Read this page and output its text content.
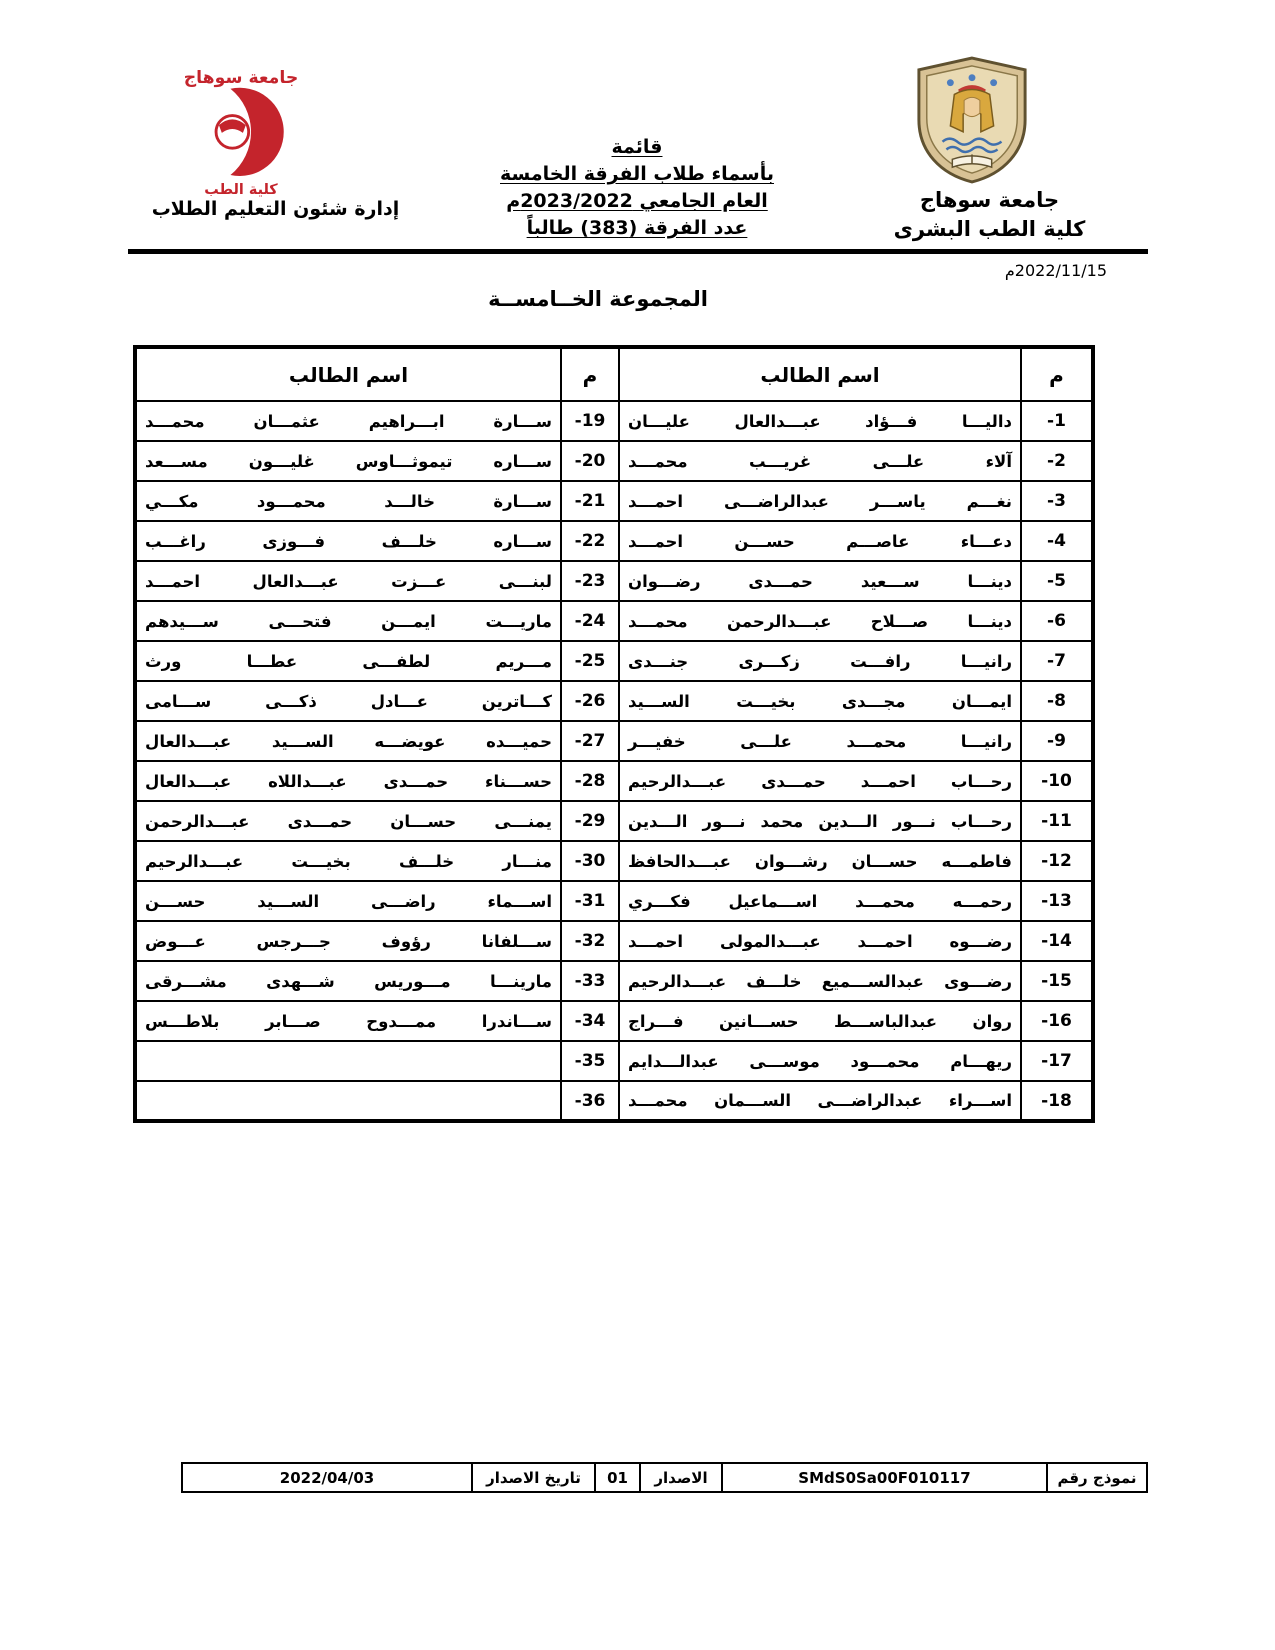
جامعة سوهاج
كلية الطب
إدارة شئون التعليم الطلاب
قائمة
بأسماء طلاب الفرقة الخامسة
العام الجامعي 2023/2022م
عدد الفرقة (383) طالباً
جامعة سوهاج
كلية الطب البشرى
2022/11/15م
المجموعة الخــامســة
م	اسم الطالب	م	اسم الطالب
-1	داليـــا فـــؤاد عبـــدالعال عليـــان	-19	ســـارة ابـــراهيم عثمـــان محمـــد
-2	آلاء علـــى غريـــب محمـــد	-20	ســـاره تيموثـــاوس غليـــون مســـعد
-3	نغـــم ياســـر عبدالراضـــى احمـــد	-21	ســـارة خالـــد محمـــود مكـــي
-4	دعـــاء عاصـــم حســـن احمـــد	-22	ســـاره خلـــف فـــوزى راغـــب
-5	دينـــا ســـعيد حمـــدى رضـــوان	-23	لبنـــى عـــزت عبـــدالعال احمـــد
-6	دينـــا صـــلاح عبـــدالرحمن محمـــد	-24	ماريـــت ايمـــن فتحـــى ســـيدهم
-7	رانيـــا رافـــت زكـــرى جنـــدى	-25	مـــريم لطفـــى عطـــا ورث
-8	ايمـــان مجـــدى بخيـــت الســـيد	-26	كـــاترين عـــادل ذكـــى ســـامى
-9	رانيـــا محمـــد علـــى خفيـــر	-27	حميـــده عويضـــه الســـيد عبـــدالعال
-10	رحـــاب احمـــد حمـــدى عبـــدالرحيم	-28	حســـناء حمـــدى عبـــداللاه عبـــدالعال
-11	رحـــاب نـــور الـــدين محمد نـــور الـــدين	-29	يمنـــى حســـان حمـــدى عبـــدالرحمن
-12	فاطمـــه حســـان رشـــوان عبـــدالحافظ	-30	منـــار خلـــف بخيـــت عبـــدالرحيم
-13	رحمـــه محمـــد اســـماعيل فكـــري	-31	اســـماء راضـــى الســـيد حســـن
-14	رضـــوه احمـــد عبـــدالمولى احمـــد	-32	ســـلفانا رؤوف جـــرجس عـــوض
-15	رضـــوى عبدالســـميع خلـــف عبـــدالرحيم	-33	مارينـــا مـــوريس شـــهدى مشـــرقى
-16	روان عبدالباســـط حســـانين فـــراج	-34	ســـاندرا ممـــدوح صـــابر بلاطـــس
-17	ريهـــام محمـــود موســـى عبدالـــدايم	-35	
-18	اســـراء عبدالراضـــى الســـمان محمـــد	-36	
نموذج رقم	SMdS0Sa00F010117	الاصدار	01	تاريخ الاصدار	2022/04/03
